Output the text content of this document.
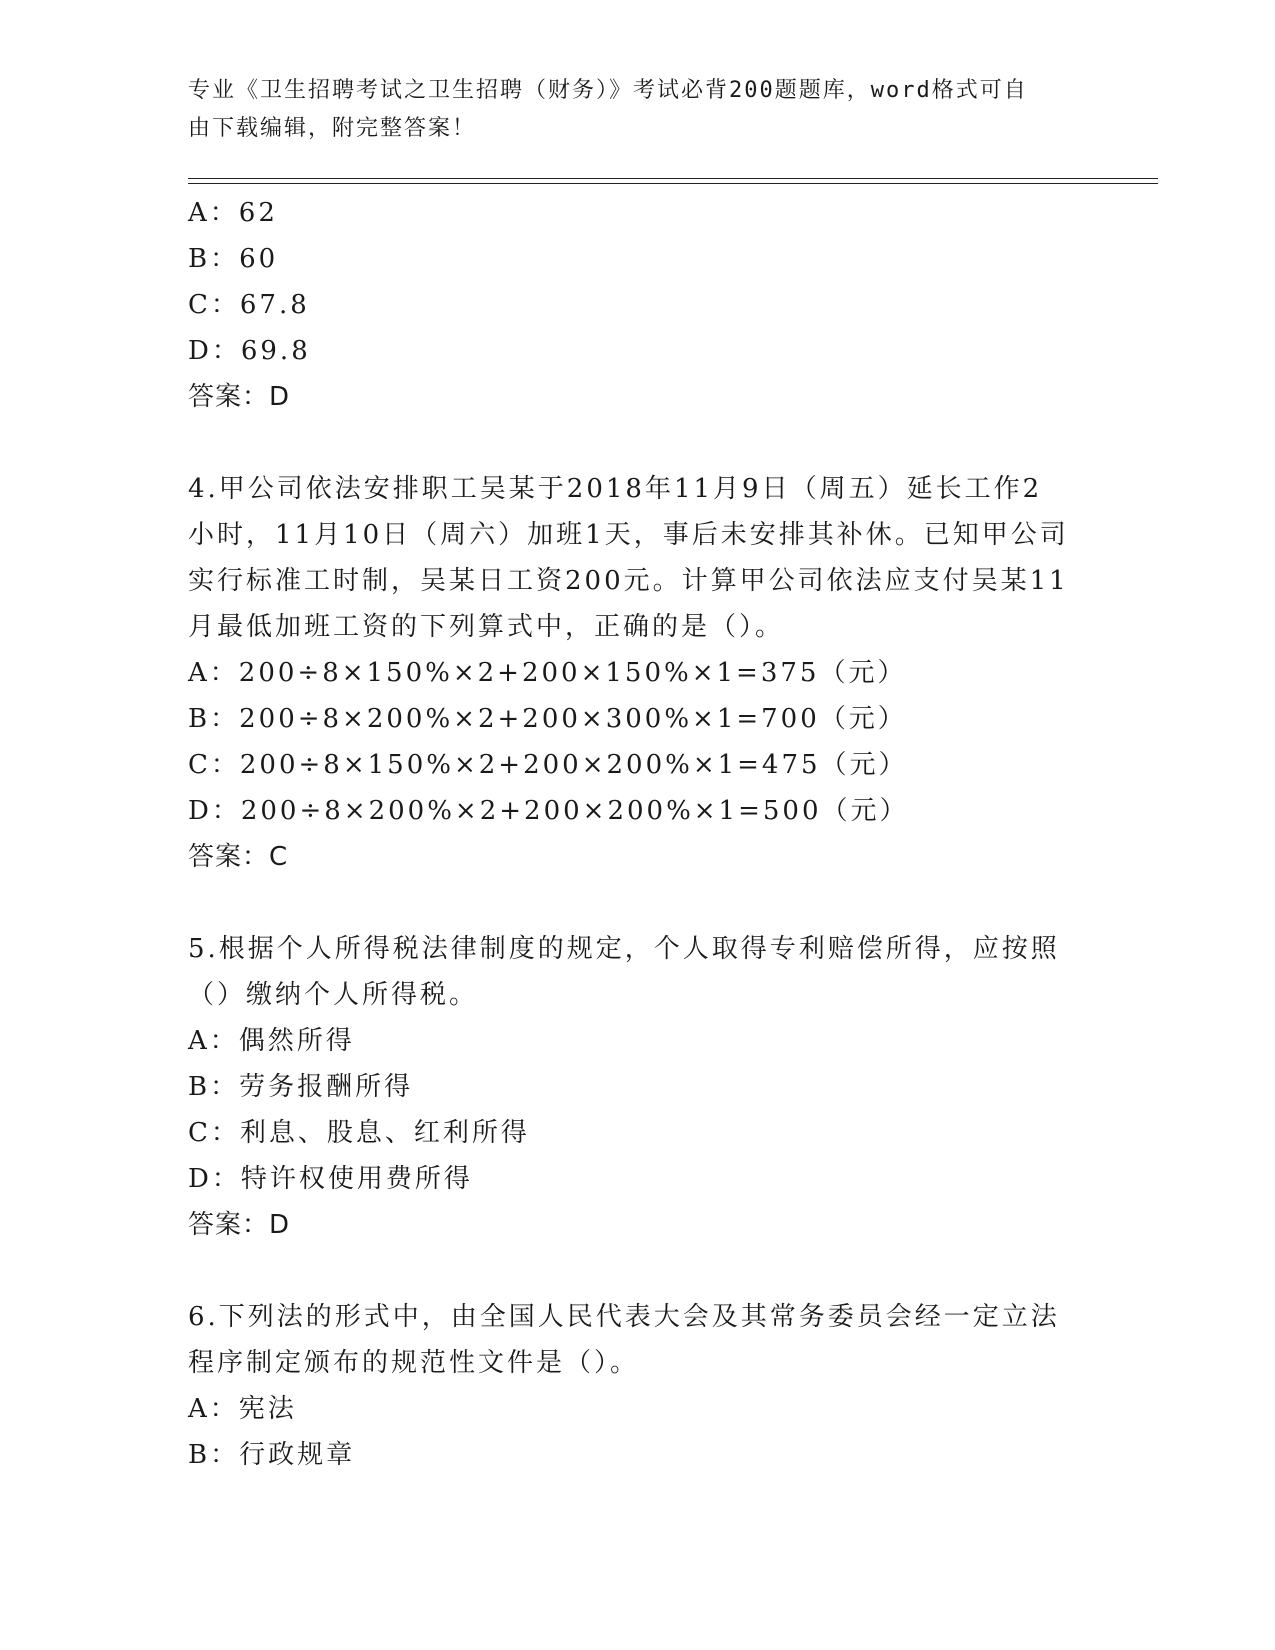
专业《卫生招聘考试之卫生招聘（财务）》考试必背200题题库，word格式可自
由下载编辑，附完整答案！
A：62
B：60
C：67.8
D：69.8
答案：D
4.甲公司依法安排职工吴某于2018年11月9日（周五）延长工作2
小时，11月10日（周六）加班1天，事后未安排其补休。已知甲公司
实行标准工时制，吴某日工资200元。计算甲公司依法应支付吴某11
月最低加班工资的下列算式中，正确的是（）。
A：200÷8×150%×2+200×150%×1=375（元）
B：200÷8×200%×2+200×300%×1=700（元）
C：200÷8×150%×2+200×200%×1=475（元）
D：200÷8×200%×2+200×200%×1=500（元）
答案：C
5.根据个人所得税法律制度的规定，个人取得专利赔偿所得，应按照
（）缴纳个人所得税。
A：偶然所得
B：劳务报酬所得
C：利息、股息、红利所得
D：特许权使用费所得
答案：D
6.下列法的形式中，由全国人民代表大会及其常务委员会经一定立法
程序制定颁布的规范性文件是（）。
A：宪法
B：行政规章
